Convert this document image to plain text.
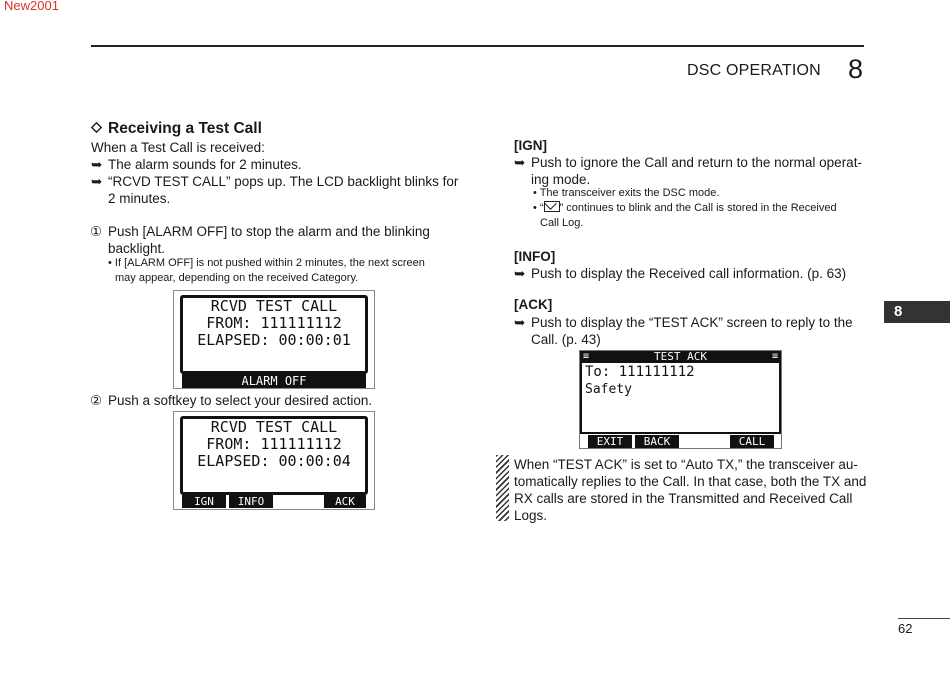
New2001
DSC OPERATION 8
8
62
Receiving a Test Call
When a Test Call is received:
➥ The alarm sounds for 2 minutes.
➥ “RCVD TEST CALL” pops up. The LCD backlight blinks for
2 minutes.
① Push [ALARM OFF] to stop the alarm and the blinking
backlight.
• If [ALARM OFF] is not pushed within 2 minutes, the next screen
may appear, depending on the received Category.
RCVD TEST CALL
FROM: 111111112
ELAPSED: 00:00:01
ALARM OFF
② Push a softkey to select your desired action.
RCVD TEST CALL
FROM: 111111112
ELAPSED: 00:00:04
IGN	INFO	ACK
[IGN]
➥ Push to ignore the Call and return to the normal operat-
ing mode.
• The transceiver exits the DSC mode.
• “ ” continues to blink and the Call is stored in the Received
Call Log.
[INFO]
➥ Push to display the Received call information. (p. 63)
[ACK]
➥ Push to display the “TEST ACK” screen to reply to the
Call. (p. 43)
≡	TEST ACK	≡
To: 111111112
Safety
EXIT	BACK	CALL
When “TEST ACK” is set to “Auto TX,” the transceiver au-
tomatically replies to the Call. In that case, both the TX and
RX calls are stored in the Transmitted and Received Call
Logs.
